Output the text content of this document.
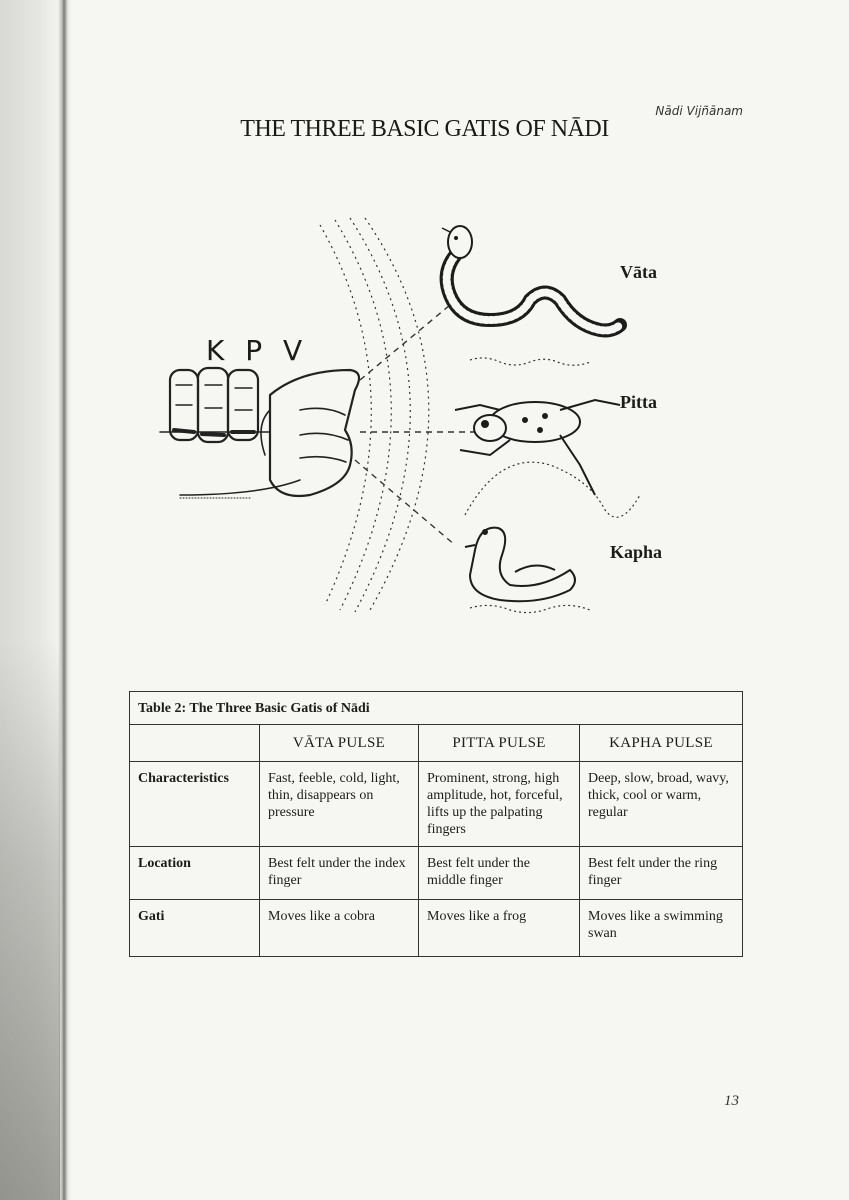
Nādi Vijñānam
THE THREE BASIC GATIS OF NĀDI
K P V
Vāta
Pitta
Kapha
Table 2: The Three Basic Gatis of Nādi			
	VĀTA PULSE	PITTA PULSE	KAPHA PULSE
Characteristics	Fast, feeble, cold, light, thin, disappears on pressure	Prominent, strong, high amplitude, hot, forceful, lifts up the palpating fingers	Deep, slow, broad, wavy, thick, cool or warm, regular
Location	Best felt under the index finger	Best felt under the middle finger	Best felt under the ring finger
Gati	Moves like a cobra	Moves like a frog	Moves like a swimming swan
13
